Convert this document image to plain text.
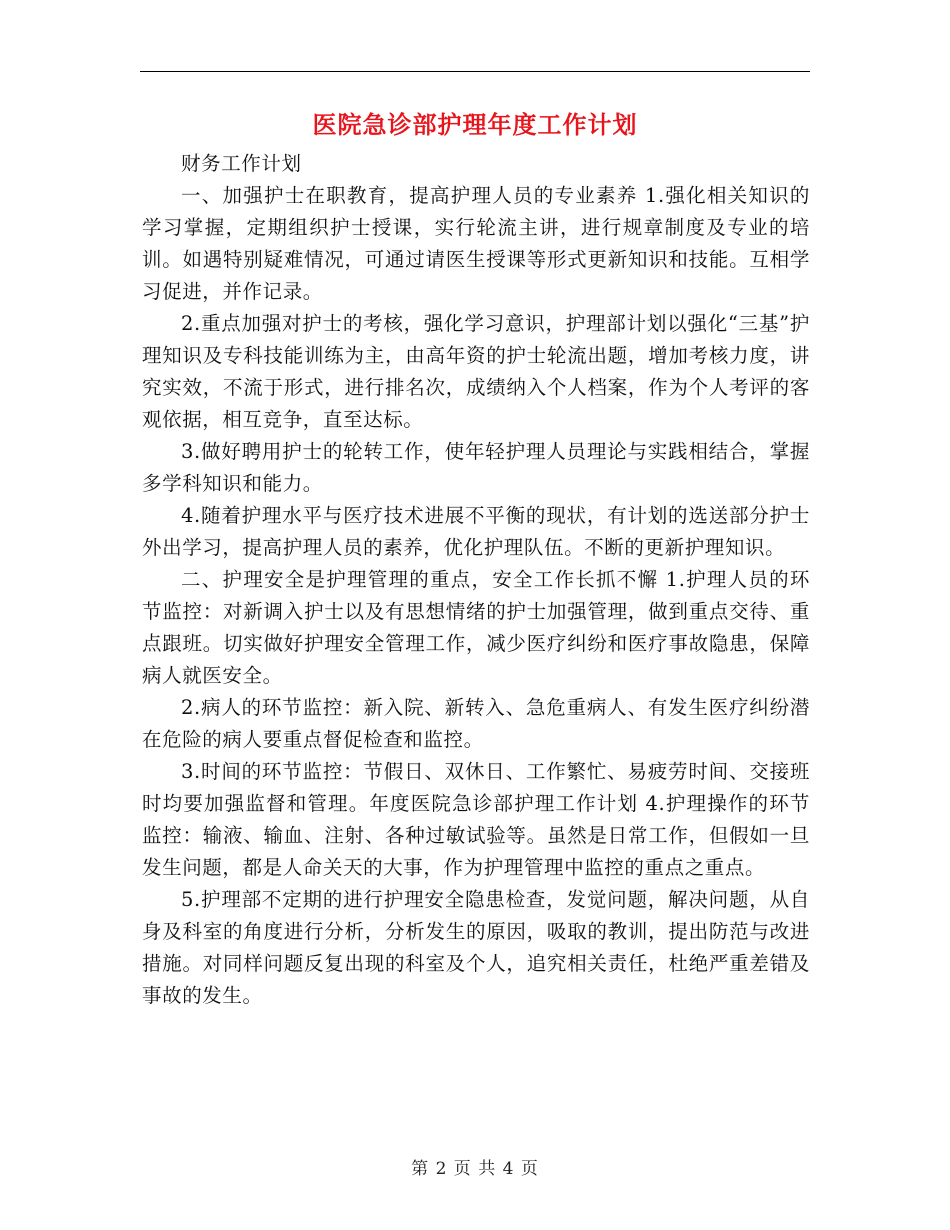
医院急诊部护理年度工作计划

财务工作计划

一、加强护士在职教育，提高护理人员的专业素养 1.强化相关知识的学习掌握，定期组织护士授课，实行轮流主讲，进行规章制度及专业的培训。如遇特别疑难情况，可通过请医生授课等形式更新知识和技能。互相学习促进，并作记录。

2.重点加强对护士的考核，强化学习意识，护理部计划以强化“三基”护理知识及专科技能训练为主，由高年资的护士轮流出题，增加考核力度，讲究实效，不流于形式，进行排名次，成绩纳入个人档案，作为个人考评的客观依据，相互竞争，直至达标。

3.做好聘用护士的轮转工作，使年轻护理人员理论与实践相结合，掌握多学科知识和能力。

4.随着护理水平与医疗技术进展不平衡的现状，有计划的选送部分护士外出学习，提高护理人员的素养，优化护理队伍。不断的更新护理知识。

二、护理安全是护理管理的重点，安全工作长抓不懈 1.护理人员的环节监控：对新调入护士以及有思想情绪的护士加强管理，做到重点交待、重点跟班。切实做好护理安全管理工作，减少医疗纠纷和医疗事故隐患，保障病人就医安全。

2.病人的环节监控：新入院、新转入、急危重病人、有发生医疗纠纷潜在危险的病人要重点督促检查和监控。

3.时间的环节监控：节假日、双休日、工作繁忙、易疲劳时间、交接班时均要加强监督和管理。年度医院急诊部护理工作计划 4.护理操作的环节监控：输液、输血、注射、各种过敏试验等。虽然是日常工作，但假如一旦发生问题，都是人命关天的大事，作为护理管理中监控的重点之重点。

5.护理部不定期的进行护理安全隐患检查，发觉问题，解决问题，从自身及科室的角度进行分析，分析发生的原因，吸取的教训，提出防范与改进措施。对同样问题反复出现的科室及个人，追究相关责任，杜绝严重差错及事故的发生。

第 2 页 共 4 页
